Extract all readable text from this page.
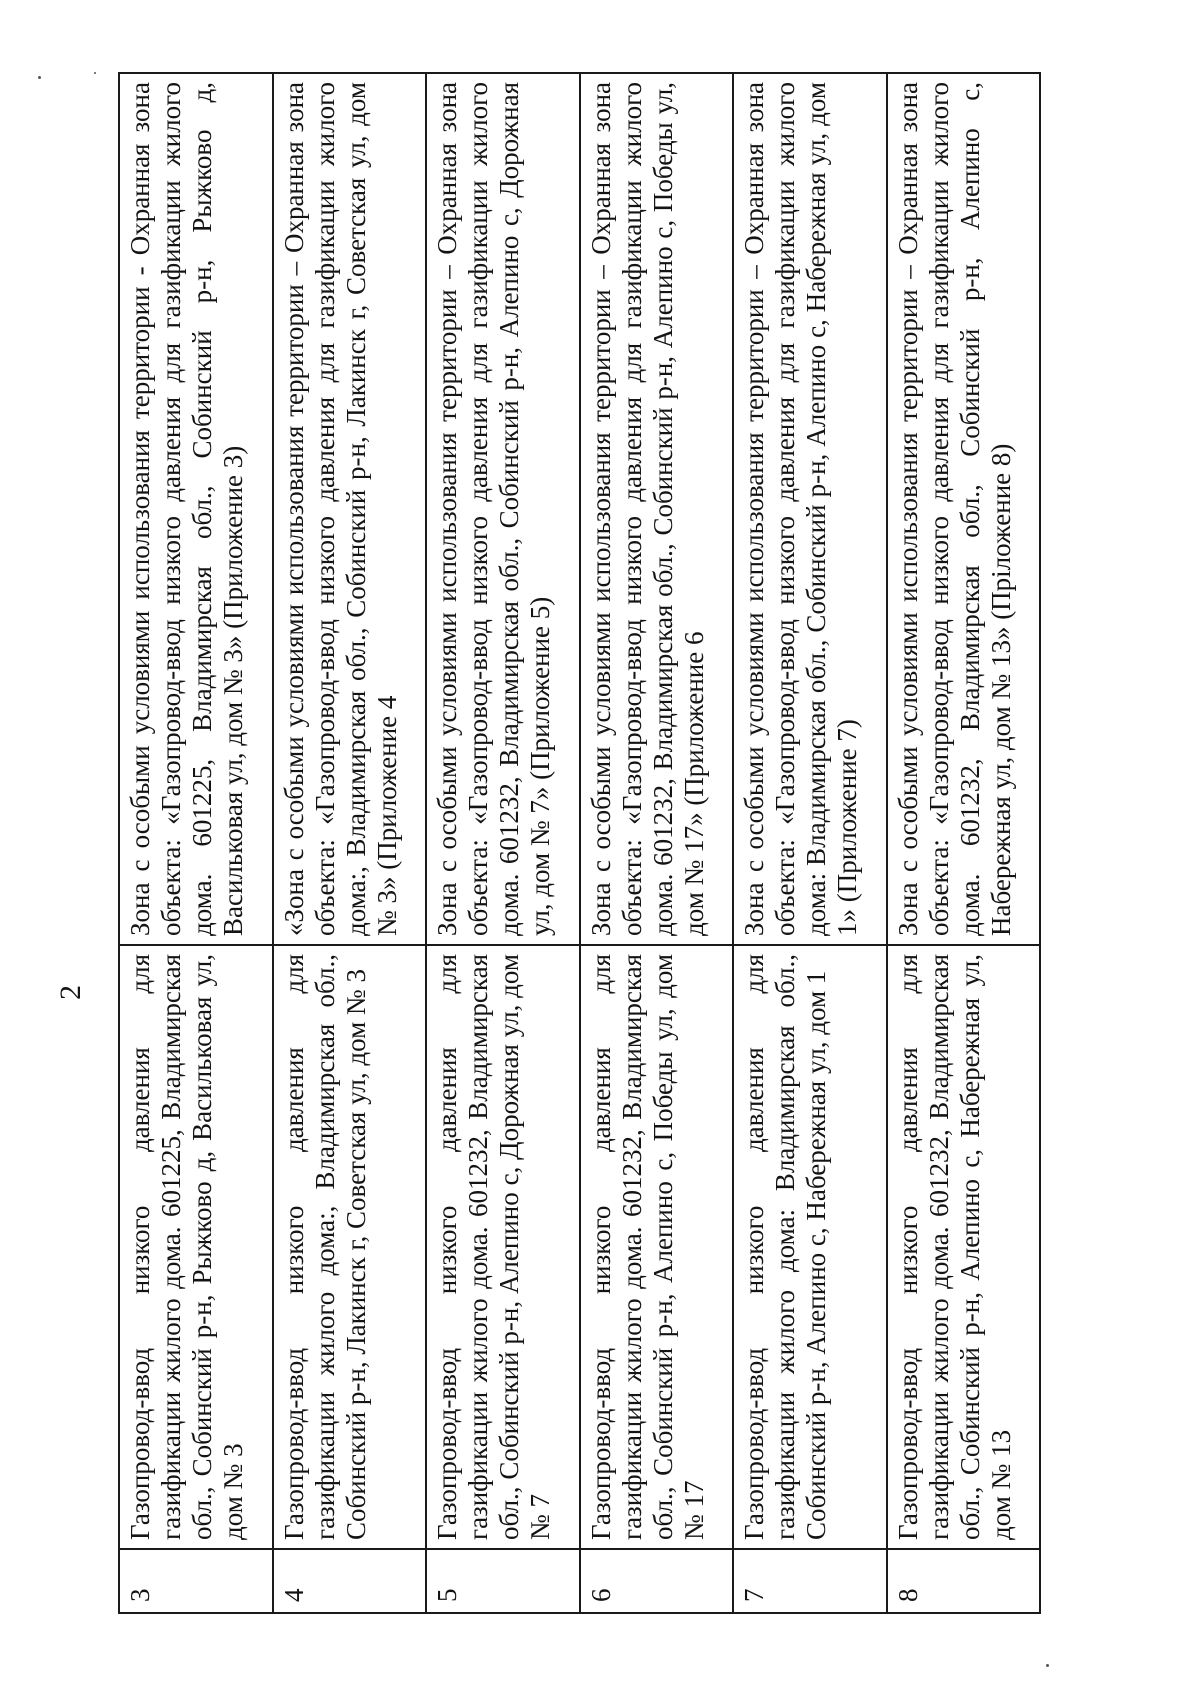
2
3	Газопровод-ввод низкого давления для газификации жилого дома. 601225, Владимирская обл., Собинский р-н, Рыжково д, Васильковая ул, дом № 3	Зона с особыми условиями использования территории - Охранная зона объекта: «Газопровод-ввод низкого давления для газификации жилого дома. 601225, Владимирская обл., Собинский р-н, Рыжково д, Васильковая ул, дом № 3» (Приложение 3)
4	Газопровод-ввод низкого давления для газификации жилого дома:, Владимирская обл., Собинский р-н, Лакинск г, Советская ул, дом № 3	«Зона с особыми условиями использования территории – Охранная зона объекта: «Газопровод-ввод низкого давления для газификации жилого дома:, Владимирская обл., Собинский р-н, Лакинск г, Советская ул, дом № 3» (Приложение 4
5	Газопровод-ввод низкого давления для газификации жилого дома. 601232, Владимирская обл., Собинский р-н, Алепино с, Дорожная ул, дом № 7	Зона с особыми условиями использования территории – Охранная зона объекта: «Газопровод-ввод низкого давления для газификации жилого дома. 601232, Владимирская обл., Собинский р-н, Алепино с, Дорожная ул, дом № 7» (Приложение 5)
6	Газопровод-ввод низкого давления для газификации жилого дома. 601232, Владимирская обл., Собинский р-н, Алепино с, Победы ул, дом № 17	Зона с особыми условиями использования территории – Охранная зона объекта: «Газопровод-ввод низкого давления для газификации жилого дома. 601232, Владимирская обл., Собинский р-н, Алепино с, Победы ул, дом № 17» (Приложение 6
7	Газопровод-ввод низкого давления для газификации жилого дома: Владимирская обл., Собинский р-н, Алепино с, Набережная ул, дом 1	Зона с особыми условиями использования территории – Охранная зона объекта: «Газопровод-ввод низкого давления для газификации жилого дома: Владимирская обл., Собинский р-н, Алепино с, Набережная ул, дом 1» (Приложение 7)
8	Газопровод-ввод низкого давления для газификации жилого дома. 601232, Владимирская обл., Собинский р-н, Алепино с, Набережная ул, дом № 13	Зона с особыми условиями использования территории – Охранная зона объекта: «Газопровод-ввод низкого давления для газификации жилого дома. 601232, Владимирская обл., Собинский р-н, Алепино с, Набережная ул, дом № 13» (Прiложение 8)
